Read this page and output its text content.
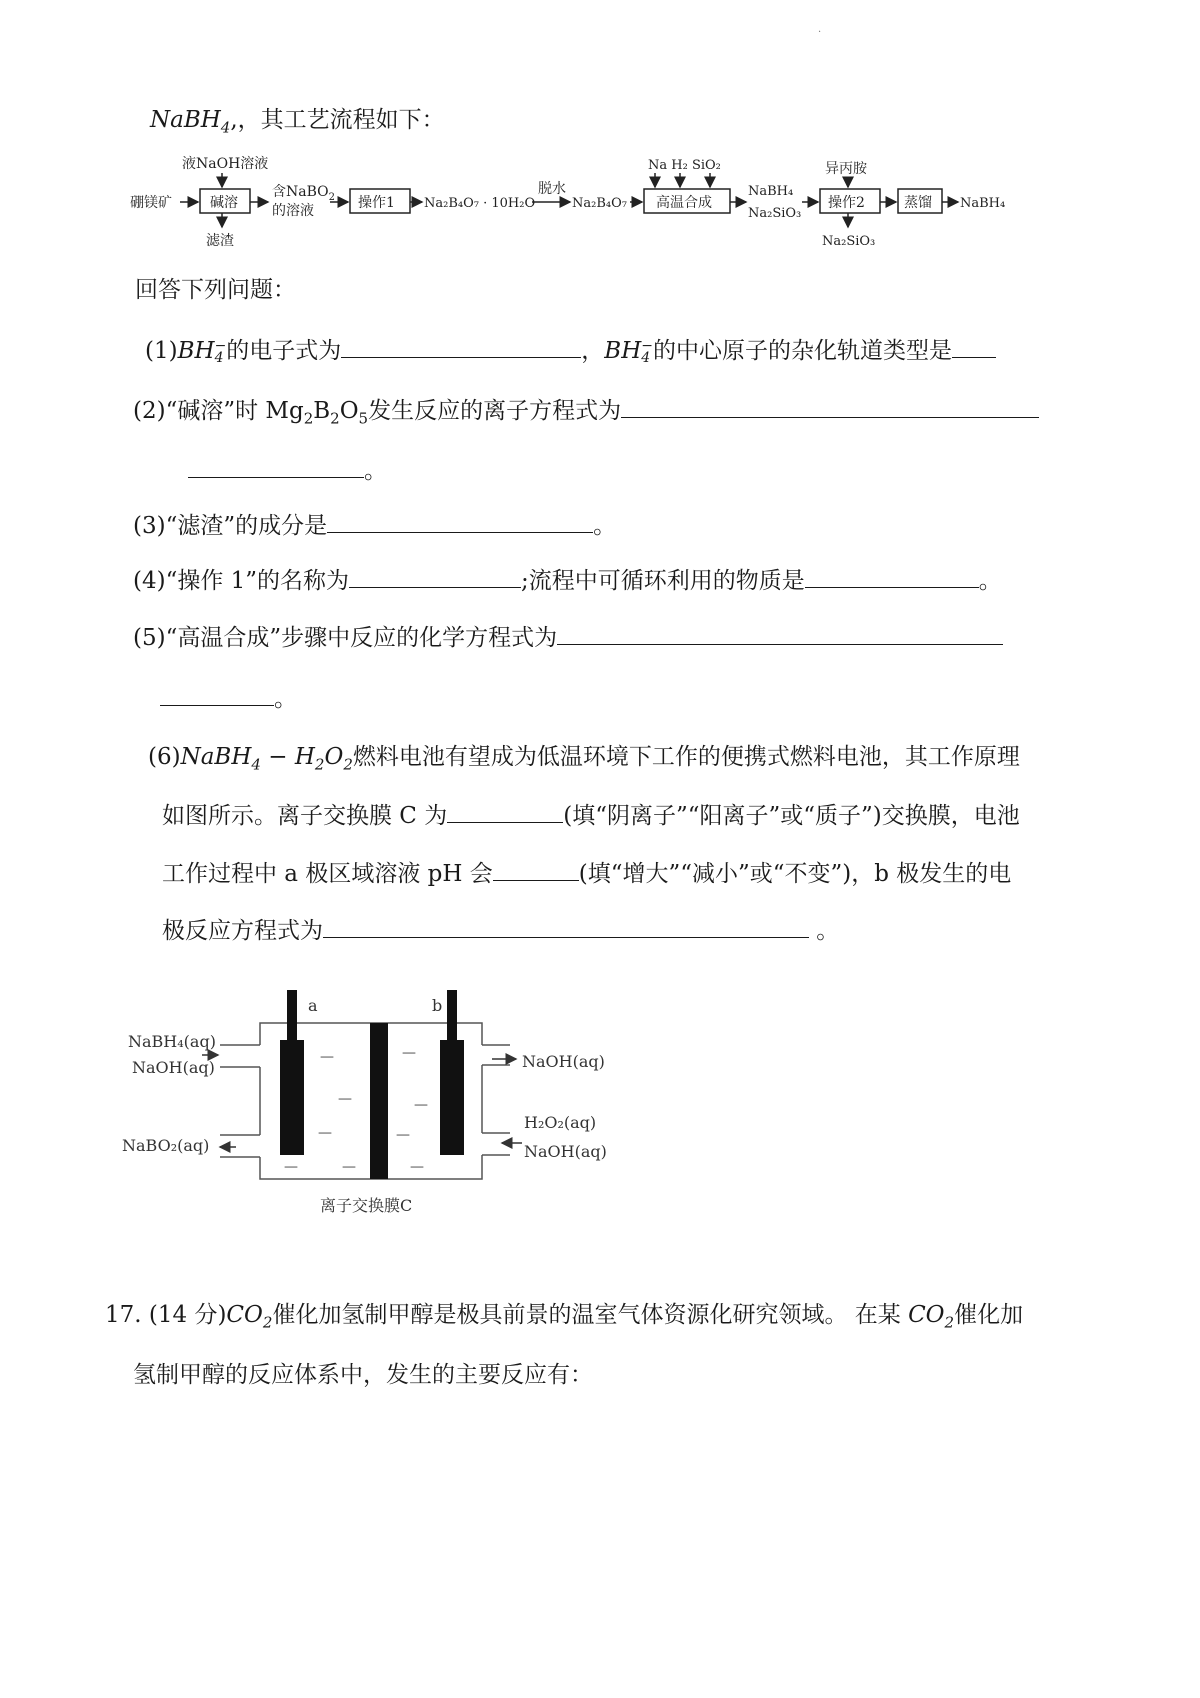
.
NaBH$_4$,，其工艺流程如下：
硼镁矿
液NaOH溶液
碱溶
滤渣
含NaBO$_2$
的溶液	操作1 Na₂B₄O₇ · 10H₂O
脱水
Na₂B₄O₇
Na H₂ SiO₂
高温合成
NaBH₄
Na₂SiO₃
异丙胺
操作2
Na₂SiO₃
蒸馏 NaBH₄
回答下列问题：
(1)BH −
4 的电子式为	，BH −
4 的中心原子的杂化轨道类型是
(2)“碱溶”时 $Mg_2B_2O_5$发生反应的离子方程式为
。
(3)“滤渣”的成分是	。
(4)“操作 1”的名称为	;流程中可循环利用的物质是	。
(5)“高温合成”步骤中反应的化学方程式为
。
(6)NaBH$_4$ − $H_2O_2$燃料电池有望成为低温环境下工作的便携式燃料电池，其工作原理
如图所示。离子交换膜 C 为	(填“阴离子”“阳离子”或“质子”)交换膜，电池
工作过程中 a 极区域溶液 pH 会	(填“增大”“减小”或“不变”)，b 极发生的电
极反应方程式为	。
a	b
NaBH₄(aq)
NaOH(aq)
NaBO₂(aq)
NaOH(aq)
H₂O₂(aq)
NaOH(aq)
离子交换膜C
—
—
—
—
—
—
—
—
—
17. (14 分)$CO_2$催化加氢制甲醇是极具前景的温室气体资源化研究领域。 在某 $CO_2$催化加
氢制甲醇的反应体系中，发生的主要反应有：
